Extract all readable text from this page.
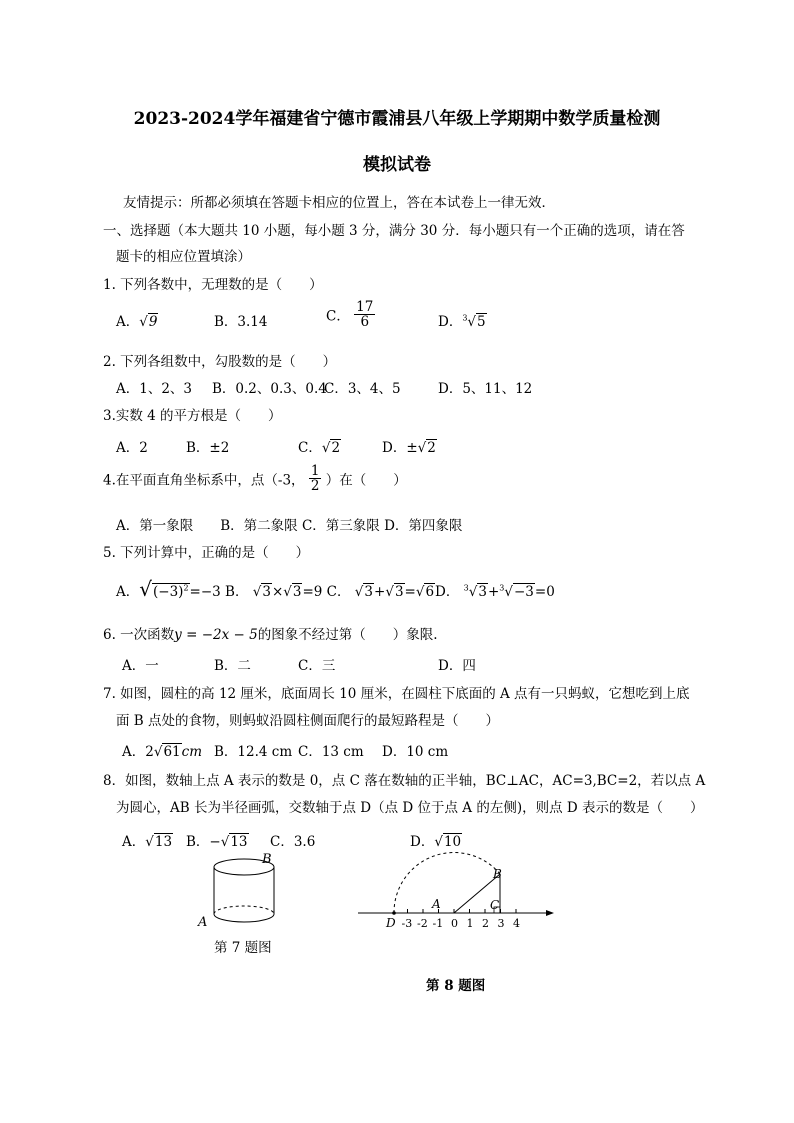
2023-2024学年福建省宁德市霞浦县八年级上学期期中数学质量检测
模拟试卷
友情提示：所都必须填在答题卡相应的位置上，答在本试卷上一律无效．
一、选择题（本大题共 10 小题，每小题 3 分，满分 30 分．每小题只有一个正确的选项，请在答
题卡的相应位置填涂）
1. 下列各数中，无理数的是（　　）
A．√9	B．3.14	C． $\frac{17}{6}$	D．$^3$√5
2. 下列各组数中，勾股数的是（　　）
A．1、2、3 B．0.2、0.3、0.4
C．3、4、5	D．5、11、12
3.实数 4 的平方根是（　　）
A．2	B．±2	C．√2	D．±√2
4.在平面直角坐标系中，点（-3， $\frac{1}{2}$ ）在（　　）
A．第一象限　　B．第二象限 C．第三象限 D．第四象限
5. 下列计算中，正确的是（　　）
A．$√(-3)^2=-3$ B． √3×√3=9 C． √3+√3=√6D． $^3$√3+$^3$√−3=0
6. 一次函数y = −2x − 5的图象不经过第（　　）象限.
A．一	B．二	C．三	D．四
7. 如图，圆柱的高 12 厘米，底面周长 10 厘米，在圆柱下底面的 A 点有一只蚂蚁，它想吃到上底
面 B 点处的食物，则蚂蚁沿圆柱侧面爬行的最短路程是（　　）
A．2√61cm B．12.4 cm C．13 cm D．10 cm
8．如图，数轴上点 A 表示的数是 0，点 C 落在数轴的正半轴，BC⊥AC，AC=3,BC=2，若以点 A
为圆心，AB 长为半径画弧，交数轴于点 D（点 D 位于点 A 的左侧)，则点 D 表示的数是（　　）
A．√13 B．−√13 C．3.6	D．√10
B
A
第 7 题图
-3 -2 -1 0 1 2 3 4
D
A
B
C
第 8 题图
